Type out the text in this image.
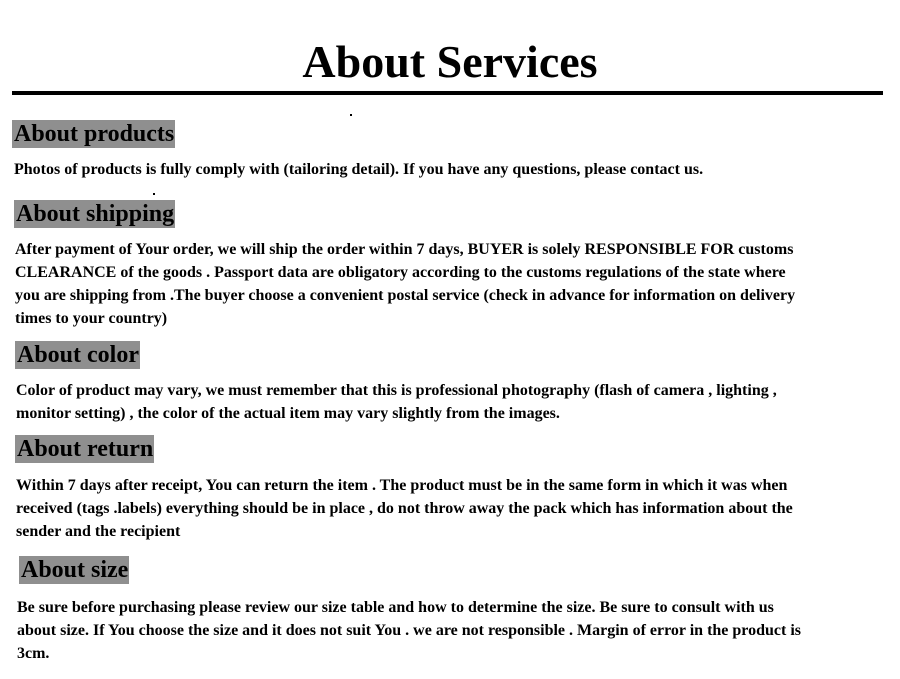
About Services
About products
Photos of products is fully comply with (tailoring detail). If you have any questions, please contact us.
About shipping
After payment of Your order, we will ship the order within 7 days, BUYER is solely RESPONSIBLE FOR customs
CLEARANCE of the goods . Passport data are obligatory according to the customs regulations of the state where
you are shipping from .The buyer choose a convenient postal service (check in advance for information on delivery
times to your country)
About color
Color of product may vary, we must remember that this is professional photography (flash of camera , lighting ,
monitor setting) , the color of the actual item may vary slightly from the images.
About return
Within 7 days after receipt, You can return the item . The product must be in the same form in which it was when
received (tags .labels) everything should be in place , do not throw away the pack which has information about the
sender and the recipient
About size
Be sure before purchasing please review our size table and how to determine the size. Be sure to consult with us
about size. If You choose the size and it does not suit You . we are not responsible . Margin of error in the product is
3cm.
